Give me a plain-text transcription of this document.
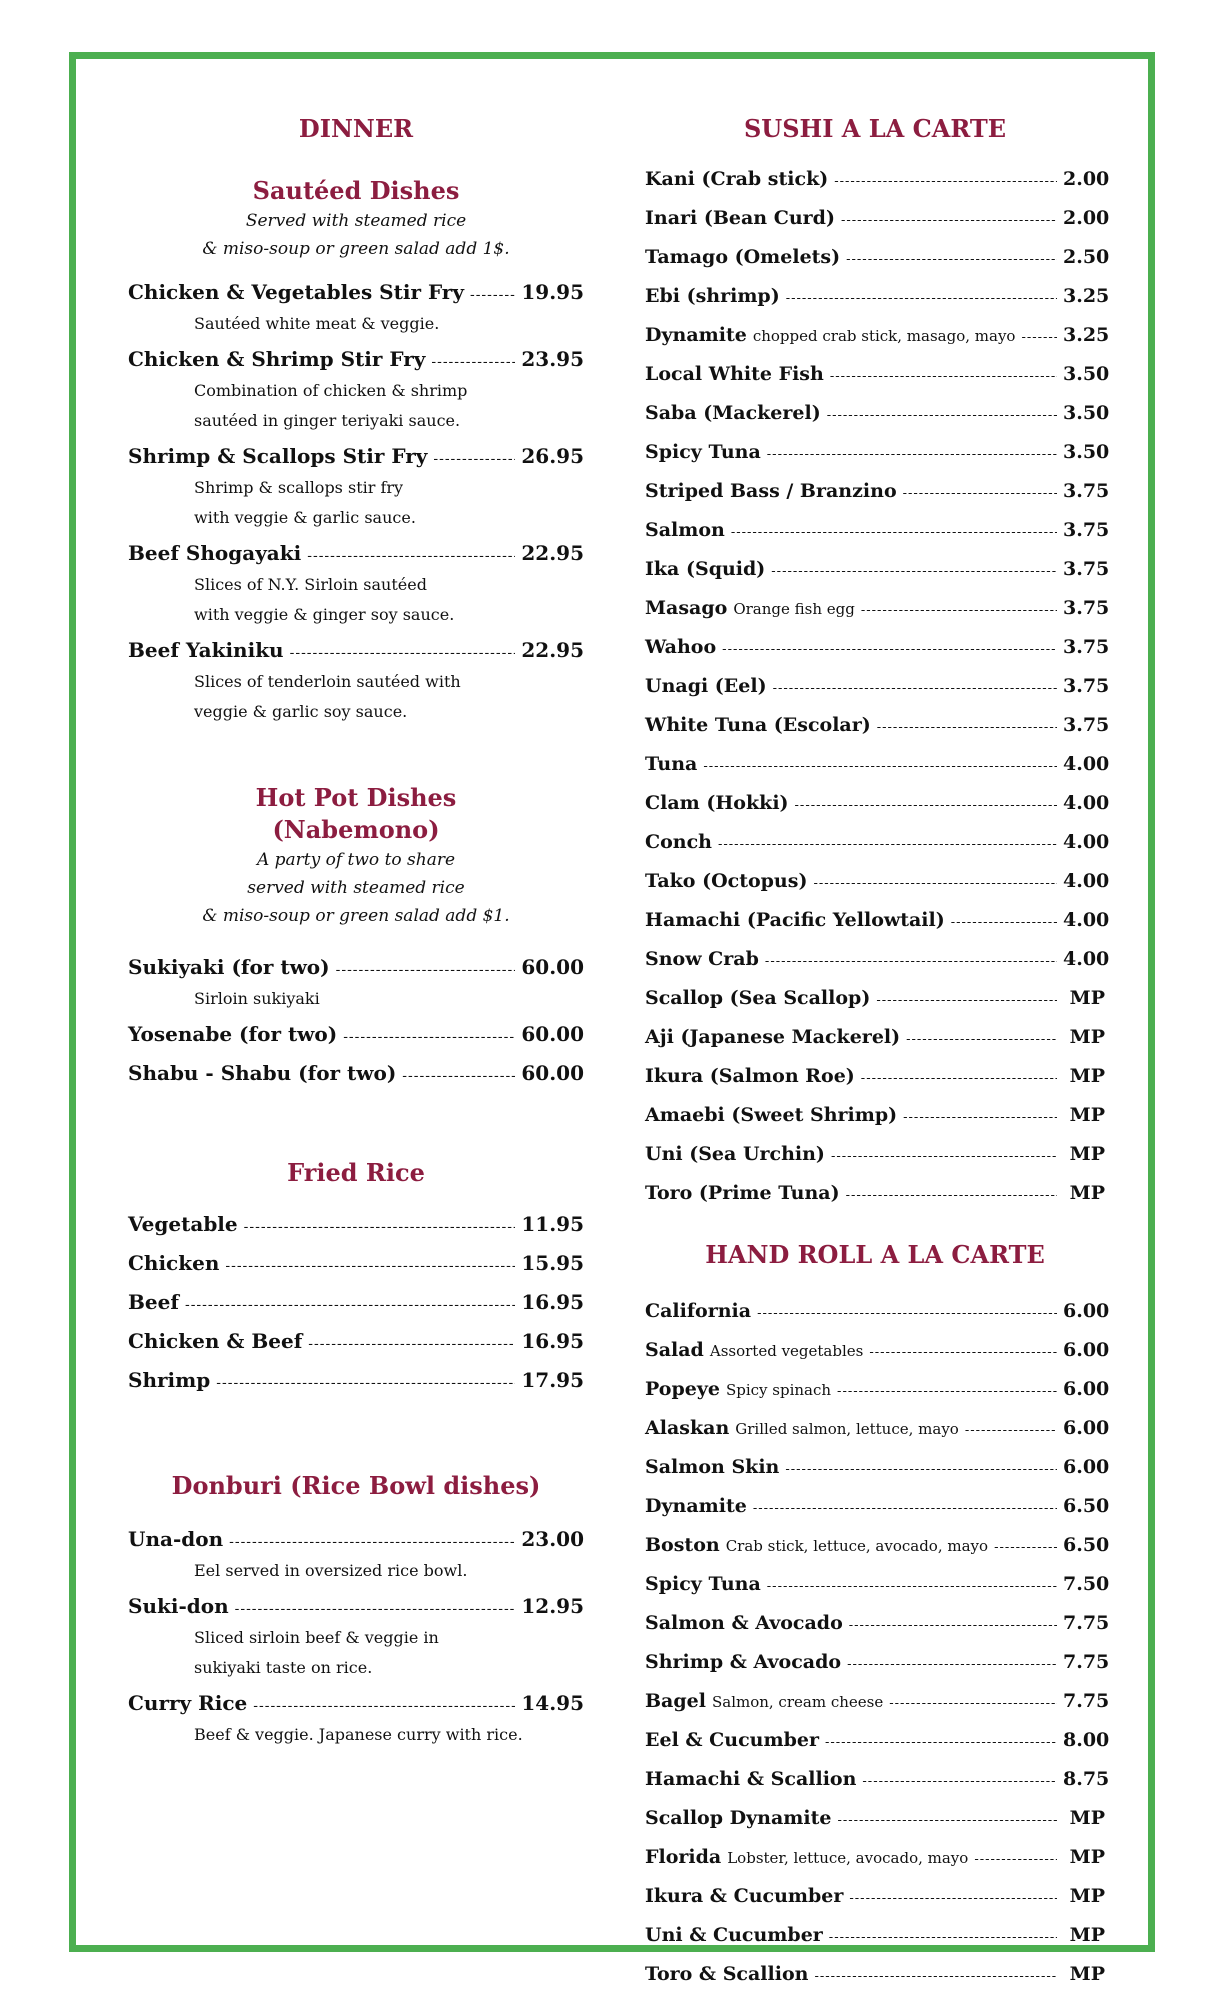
DINNER
Sautéed Dishes

Served with steamed rice

& miso-soup or green salad add 1$.

Chicken & Vegetables Stir Fry -----	19.95
Sautéed white meat & veggie.
Chicken & Shrimp Stir Fry -----	23.95
Combination of chicken & shrimp
sautéed in ginger teriyaki sauce.
Shrimp & Scallops Stir Fry -----	26.95
Shrimp & scallops stir fry
with veggie & garlic sauce.
Beef Shogayaki -----	22.95
Slices of N.Y. Sirloin sautéed
with veggie & ginger soy sauce.
Beef Yakiniku -----	22.95
Slices of tenderloin sautéed with
veggie & garlic soy sauce.
Hot Pot Dishes
(Nabemono)

A party of two to share

served with steamed rice

& miso-soup or green salad add $1.

Sukiyaki (for two) -----	60.00
Sirloin sukiyaki
Yosenabe (for two) -----	60.00
Shabu - Shabu (for two) -----	60.00
Fried Rice
Vegetable -----	11.95
Chicken -----	15.95
Beef -----	16.95
Chicken & Beef -----	16.95
Shrimp -----	17.95
Donburi (Rice Bowl dishes)
Una-don -----	23.00
Eel served in oversized rice bowl.
Suki-don -----	12.95
Sliced sirloin beef & veggie in
sukiyaki taste on rice.
Curry Rice -----	14.95
Beef & veggie. Japanese curry with rice.
SUSHI A LA CARTE
Kani (Crab stick) -----	2.00
Inari (Bean Curd) -----	2.00
Tamago (Omelets) -----	2.50
Ebi (shrimp) -----	3.25
Dynamite chopped crab stick, masago, mayo -----	3.25
Local White Fish -----	3.50
Saba (Mackerel) -----	3.50
Spicy Tuna -----	3.50
Striped Bass / Branzino -----	3.75
Salmon -----	3.75
Ika (Squid) -----	3.75
Masago Orange fish egg -----	3.75
Wahoo -----	3.75
Unagi (Eel) -----	3.75
White Tuna (Escolar) -----	3.75
Tuna -----	4.00
Clam (Hokki) -----	4.00
Conch -----	4.00
Tako (Octopus) -----	4.00
Hamachi (Pacific Yellowtail) -----	4.00
Snow Crab -----	4.00
Scallop (Sea Scallop) -----	MP
Aji (Japanese Mackerel) -----	MP
Ikura (Salmon Roe) -----	MP
Amaebi (Sweet Shrimp) -----	MP
Uni (Sea Urchin) -----	MP
Toro (Prime Tuna) -----	MP
HAND ROLL A LA CARTE
California -----	6.00
Salad Assorted vegetables -----	6.00
Popeye Spicy spinach -----	6.00
Alaskan Grilled salmon, lettuce, mayo -----	6.00
Salmon Skin -----	6.00
Dynamite -----	6.50
Boston Crab stick, lettuce, avocado, mayo -----	6.50
Spicy Tuna -----	7.50
Salmon & Avocado -----	7.75
Shrimp & Avocado -----	7.75
Bagel Salmon, cream cheese -----	7.75
Eel & Cucumber -----	8.00
Hamachi & Scallion -----	8.75
Scallop Dynamite -----	MP
Florida Lobster, lettuce, avocado, mayo -----	MP
Ikura & Cucumber -----	MP
Uni & Cucumber -----	MP
Toro & Scallion -----	MP
